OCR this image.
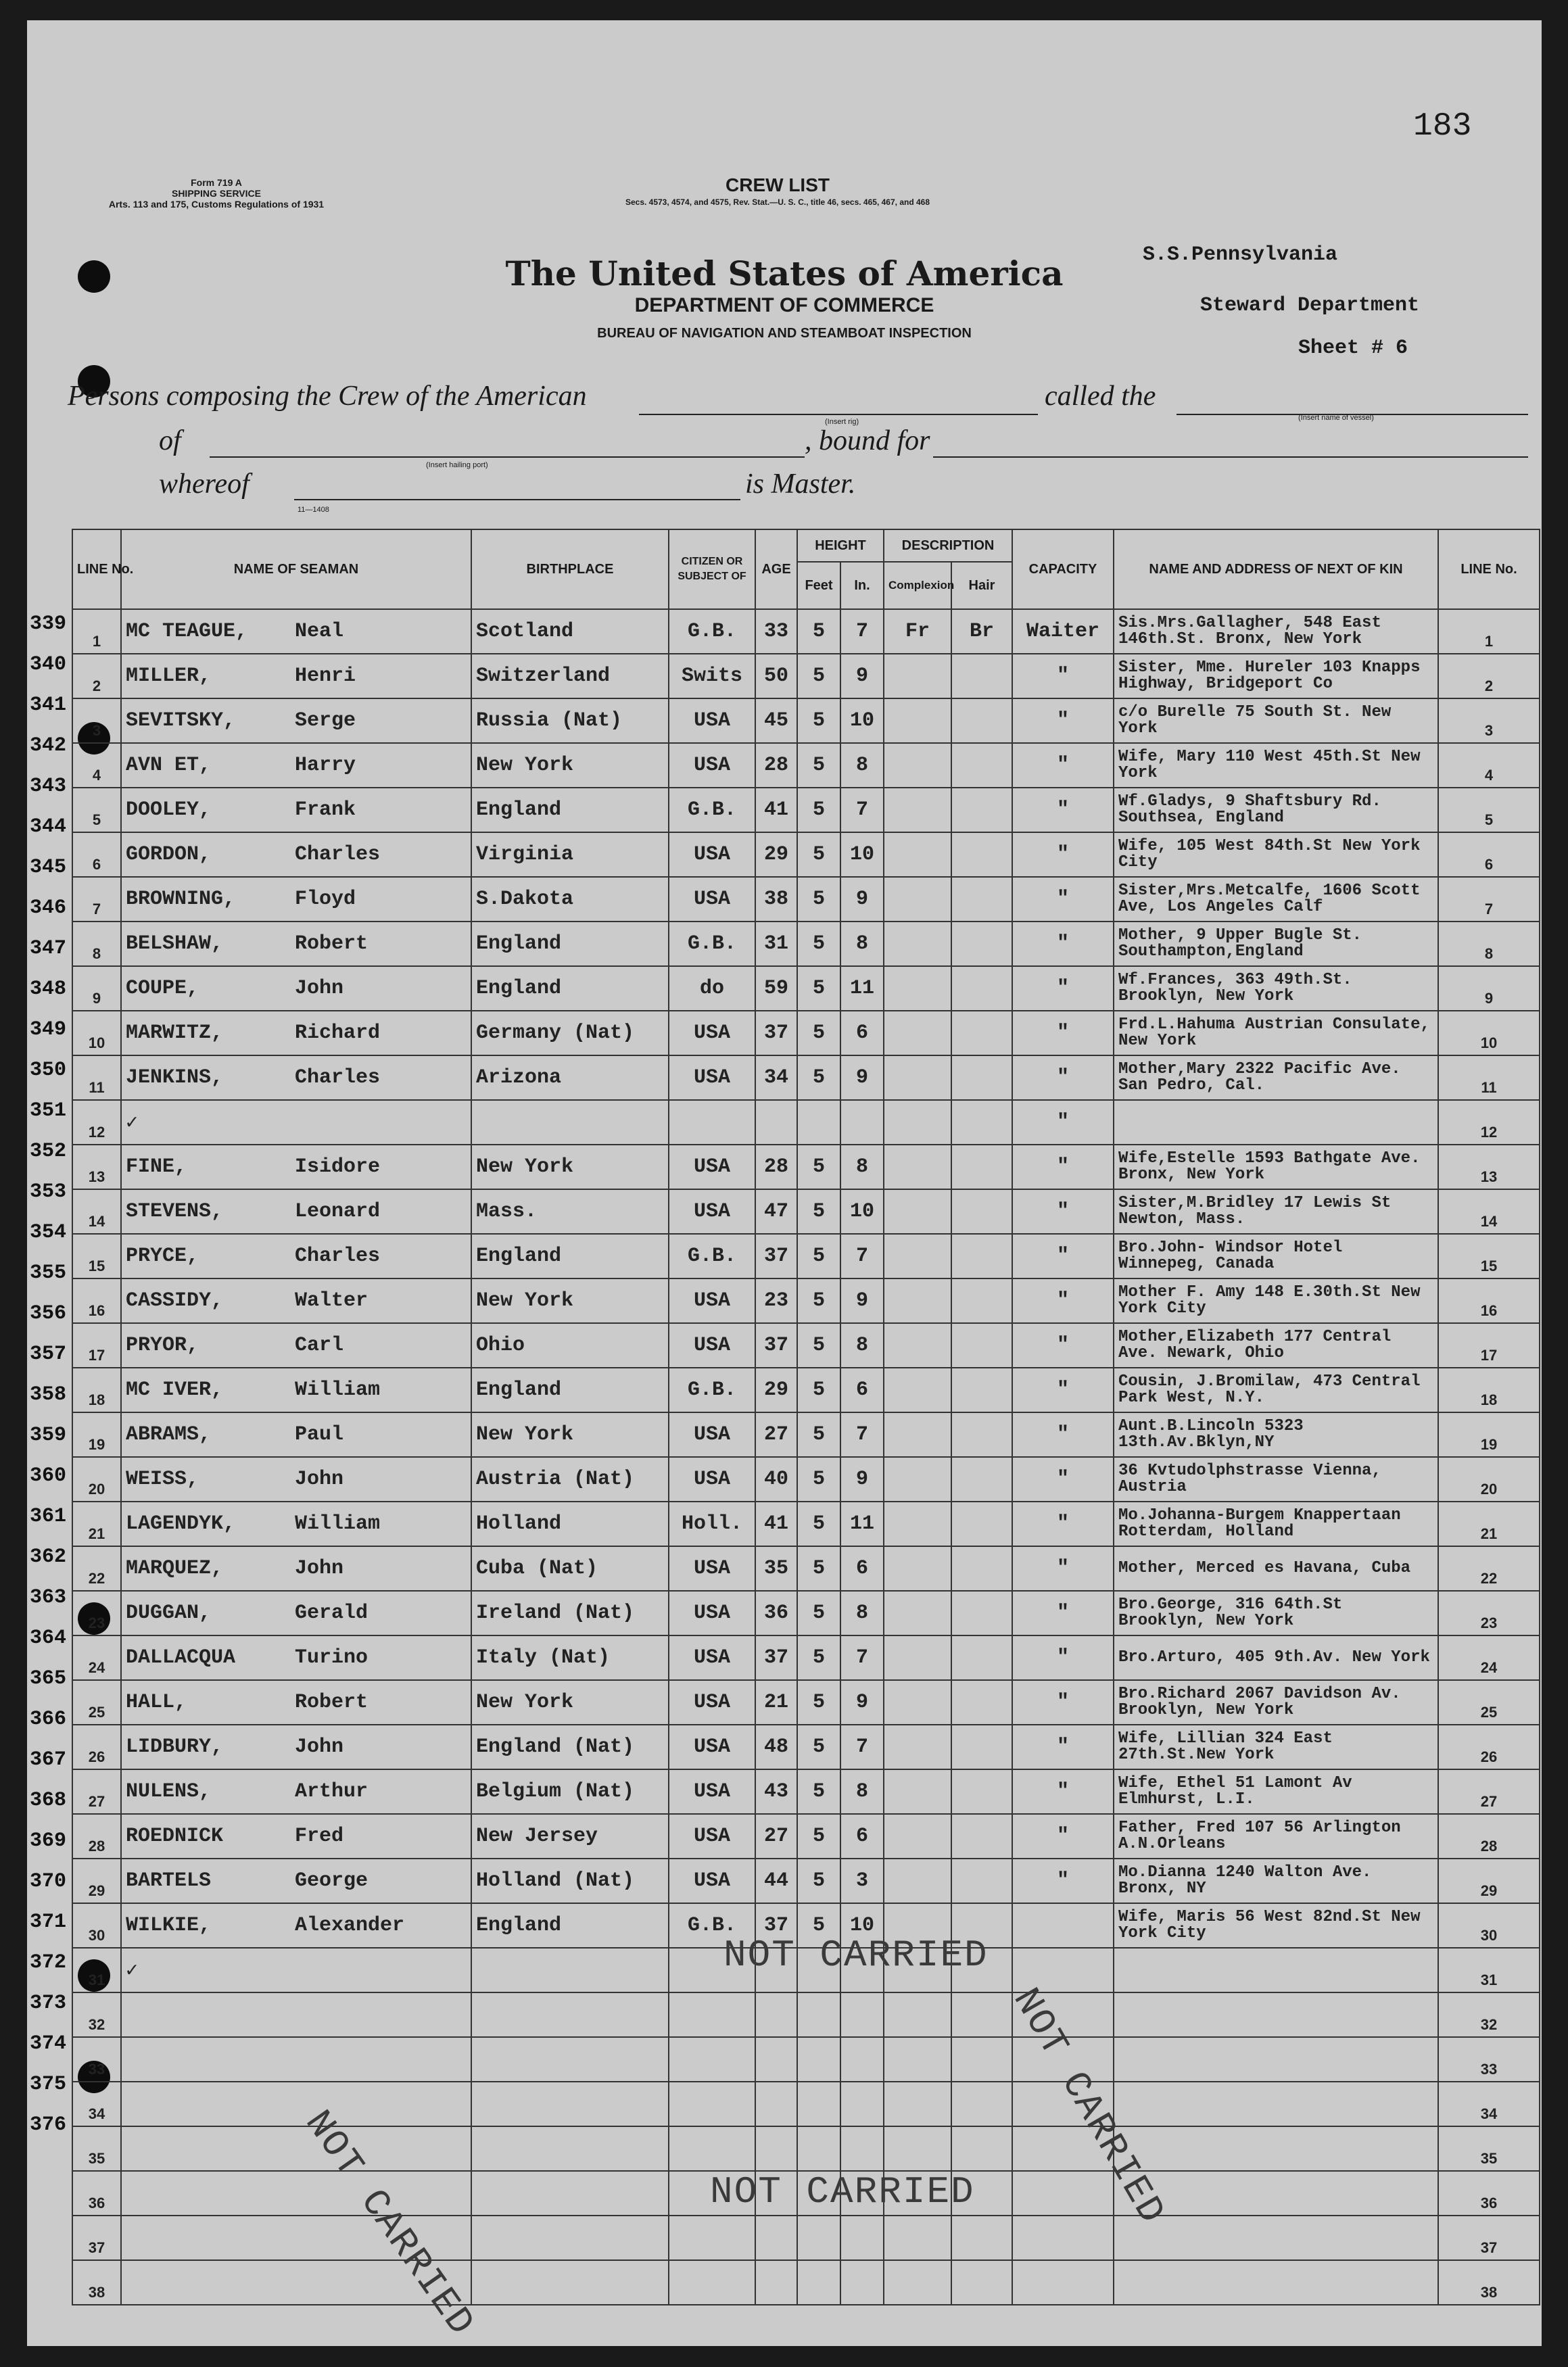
183
Form 719 A
SHIPPING SERVICE
Arts. 113 and 175, Customs Regulations of 1931
CREW LIST
Secs. 4573, 4574, and 4575, Rev. Stat.—U. S. C., title 46, secs. 465, 467, and 468
The United States of America
DEPARTMENT OF COMMERCE
BUREAU OF NAVIGATION AND STEAMBOAT INSPECTION
S.S.Pennsylvania
Steward Department
Sheet # 6
Persons composing the Crew of the American	called the
(Insert rig)	(Insert name of vessel)
of	, bound for
(Insert hailing port)
whereof	is Master.
11—1408
LINE No.	NAME OF SEAMAN	BIRTHPLACE	CITIZEN OR SUBJECT OF	AGE	HEIGHT		DESCRIPTION		CAPACITY	NAME AND ADDRESS OF NEXT OF KIN	LINE No.
					Feet	In.	Complexion	Hair			
1	MC TEAGUE, Neal	Scotland	G.B.	33	5	7	Fr	Br	Waiter	Sis.Mrs.Gallagher, 548 East 146th.St. Bronx, New York	1
2	MILLER, Henri	Switzerland	Swits	50	5	9			"	Sister, Mme. Hureler 103 Knapps Highway, Bridgeport Co	2
3	SEVITSKY, Serge	Russia (Nat)	USA	45	5	10			"	c/o Burelle 75 South St. New York	3
4	AVN ET, Harry	New York	USA	28	5	8			"	Wife, Mary 110 West 45th.St New York	4
5	DOOLEY, Frank	England	G.B.	41	5	7			"	Wf.Gladys, 9 Shaftsbury Rd. Southsea, England	5
6	GORDON, Charles	Virginia	USA	29	5	10			"	Wife, 105 West 84th.St New York City	6
7	BROWNING, Floyd	S.Dakota	USA	38	5	9			"	Sister,Mrs.Metcalfe, 1606 Scott Ave, Los Angeles Calf	7
8	BELSHAW, Robert	England	G.B.	31	5	8			"	Mother, 9 Upper Bugle St. Southampton,England	8
9	COUPE, John	England	do	59	5	11			"	Wf.Frances, 363 49th.St. Brooklyn, New York	9
10	MARWITZ, Richard	Germany (Nat)	USA	37	5	6			"	Frd.L.Hahuma Austrian Consulate, New York	10
11	JENKINS, Charles	Arizona	USA	34	5	9			"	Mother,Mary 2322 Pacific Ave. San Pedro, Cal.	11
12	✓								"		12
13	FINE, Isidore	New York	USA	28	5	8			"	Wife,Estelle 1593 Bathgate Ave. Bronx, New York	13
14	STEVENS, Leonard	Mass.	USA	47	5	10			"	Sister,M.Bridley 17 Lewis St Newton, Mass.	14
15	PRYCE, Charles	England	G.B.	37	5	7			"	Bro.John- Windsor Hotel Winnepeg, Canada	15
16	CASSIDY, Walter	New York	USA	23	5	9			"	Mother F. Amy 148 E.30th.St New York City	16
17	PRYOR, Carl	Ohio	USA	37	5	8			"	Mother,Elizabeth 177 Central Ave. Newark, Ohio	17
18	MC IVER, William	England	G.B.	29	5	6			"	Cousin, J.Bromilaw, 473 Central Park West, N.Y.	18
19	ABRAMS, Paul	New York	USA	27	5	7			"	Aunt.B.Lincoln 5323 13th.Av.Bklyn,NY	19
20	WEISS, John	Austria (Nat)	USA	40	5	9			"	36 Kvtudolphstrasse Vienna, Austria	20
21	LAGENDYK, William	Holland	Holl.	41	5	11			"	Mo.Johanna-Burgem Knappertaan Rotterdam, Holland	21
22	MARQUEZ, John	Cuba (Nat)	USA	35	5	6			"	Mother, Merced es Havana, Cuba	22
23	DUGGAN, Gerald	Ireland (Nat)	USA	36	5	8			"	Bro.George, 316 64th.St Brooklyn, New York	23
24	DALLACQUA Turino	Italy (Nat)	USA	37	5	7			"	Bro.Arturo, 405 9th.Av. New York	24
25	HALL, Robert	New York	USA	21	5	9			"	Bro.Richard 2067 Davidson Av. Brooklyn, New York	25
26	LIDBURY, John	England (Nat)	USA	48	5	7			"	Wife, Lillian 324 East 27th.St.New York	26
27	NULENS, Arthur	Belgium (Nat)	USA	43	5	8			"	Wife, Ethel 51 Lamont Av Elmhurst, L.I.	27
28	ROEDNICK Fred	New Jersey	USA	27	5	6			"	Father, Fred 107 56 Arlington A.N.Orleans	28
29	BARTELS George	Holland (Nat)	USA	44	5	3			"	Mo.Dianna 1240 Walton Ave. Bronx, NY	29
30	WILKIE, Alexander	England	G.B.	37	5	10				Wife, Maris 56 West 82nd.St New York City	30
31	✓										31
32											32
33											33
34											34
35											35
36											36
37											37
38											38
339
340
341
342
343
344
345
346
347
348
349
350
351
352
353
354
355
356
357
358
359
360
361
362
363
364
365
366
367
368
369
370
371
372
373
374
375
376
NOT CARRIED
NOT CARRIED	NOT CARRIED
NOT CARRIED
